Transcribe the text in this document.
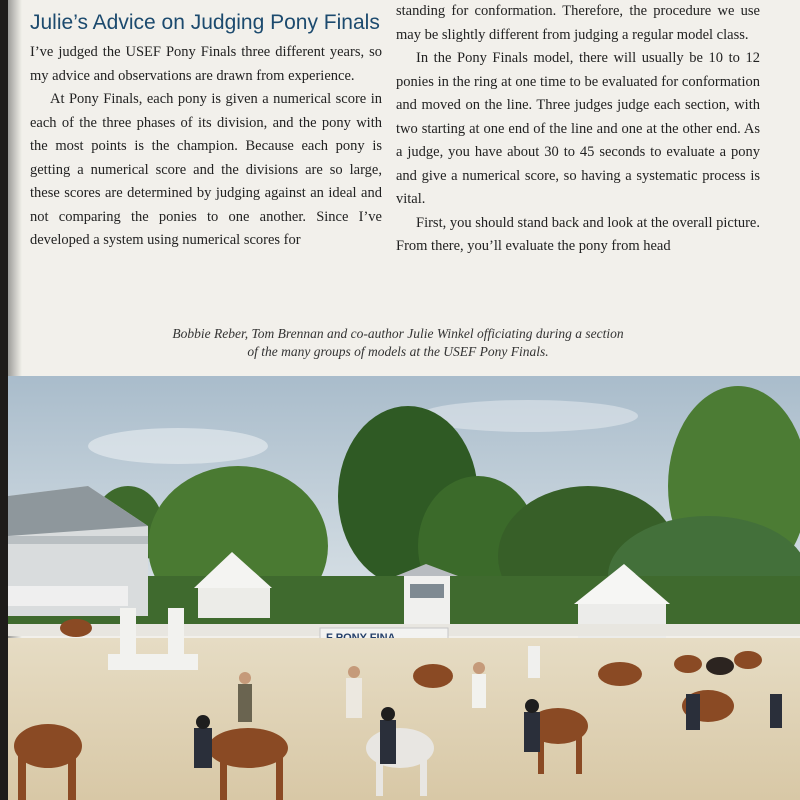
Julie’s Advice on Judging Pony Finals

I’ve judged the USEF Pony Finals three different years, so my advice and observations are drawn from experience.

At Pony Finals, each pony is given a numerical score in each of the three phases of its division, and the pony with the most points is the champion. Because each pony is getting a numerical score and the divisions are so large, these scores are determined by judging against an ideal and not comparing the ponies to one another. Since I’ve developed a system using numerical scores for

standing for conformation. Therefore, the procedure we use may be slightly different from judging a regular model class.

In the Pony Finals model, there will usually be 10 to 12 ponies in the ring at one time to be evaluated for conformation and moved on the line. Three judges judge each section, with two starting at one end of the line and one at the other end. As a judge, you have about 30 to 45 seconds to evaluate a pony and give a numerical score, so having a systematic process is vital.

First, you should stand back and look at the overall picture. From there, you’ll evaluate the pony from head

Bobbie Reber, Tom Brennan and co-author Julie Winkel officiating during a section
of the many groups of models at the USEF Pony Finals.
